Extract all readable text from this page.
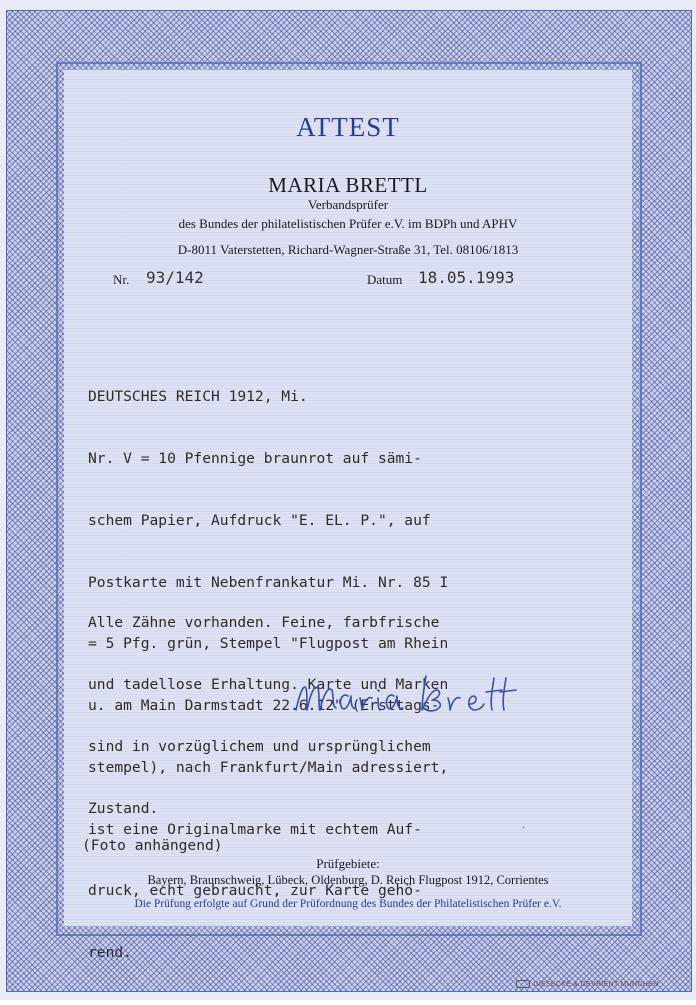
ATTEST
MARIA BRETTL
Verbandsprüfer
des Bundes der philatelistischen Prüfer e.V. im BDPh und APHV
D-8011 Vaterstetten, Richard-Wagner-Straße 31, Tel. 08106/1813
Nr. 93/142	Datum 18.05.1993

DEUTSCHES REICH 1912, Mi.

Nr. V = 10 Pfennige braunrot auf sämi-

schem Papier, Aufdruck "E. EL. P.", auf

Postkarte mit Nebenfrankatur Mi. Nr. 85 I

= 5 Pfg. grün, Stempel "Flugpost am Rhein

u. am Main Darmstadt 22.6.12" (Ersttags-

stempel), nach Frankfurt/Main adressiert,

ist eine Originalmarke mit echtem Auf-

druck, echt gebraucht, zur Karte gehö-

rend.

Alle Zähne vorhanden. Feine, farbfrische

und tadellose Erhaltung. Karte und Marken

sind in vorzüglichem und ursprünglichem

Zustand.

·
(Foto anhängend)
Prüfgebiete:
Bayern, Braunschweig, Lübeck, Oldenburg, D. Reich Flugpost 1912, Corrientes
Die Prüfung erfolgte auf Grund der Prüfordnung des Bundes der Philatelistischen Prüfer e.V.
GIESECKE & DEVRIENT MÜNCHEN
